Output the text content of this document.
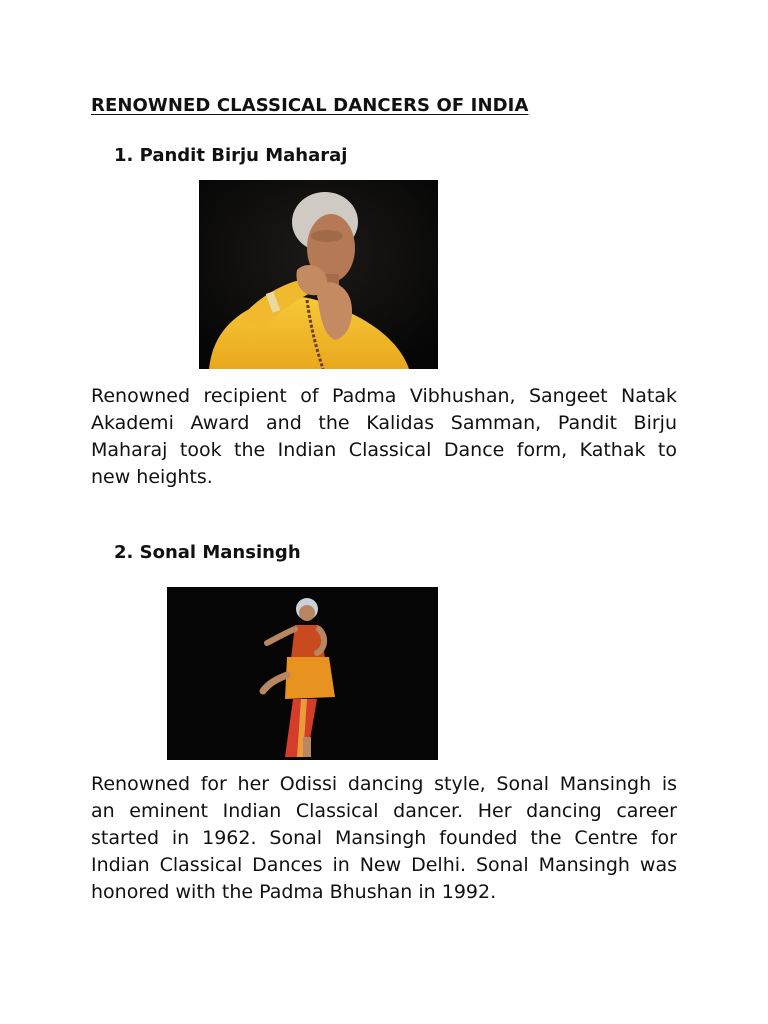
RENOWNED CLASSICAL DANCERS OF INDIA
1. Pandit Birju Maharaj
Renowned recipient of Padma Vibhushan, Sangeet Natak
Akademi Award and the Kalidas Samman, Pandit Birju
Maharaj took the Indian Classical Dance form, Kathak to
new heights.
2. Sonal Mansingh
Renowned for her Odissi dancing style, Sonal Mansingh is
an eminent Indian Classical dancer. Her dancing career
started in 1962. Sonal Mansingh founded the Centre for
Indian Classical Dances in New Delhi. Sonal Mansingh was
honored with the Padma Bhushan in 1992.
